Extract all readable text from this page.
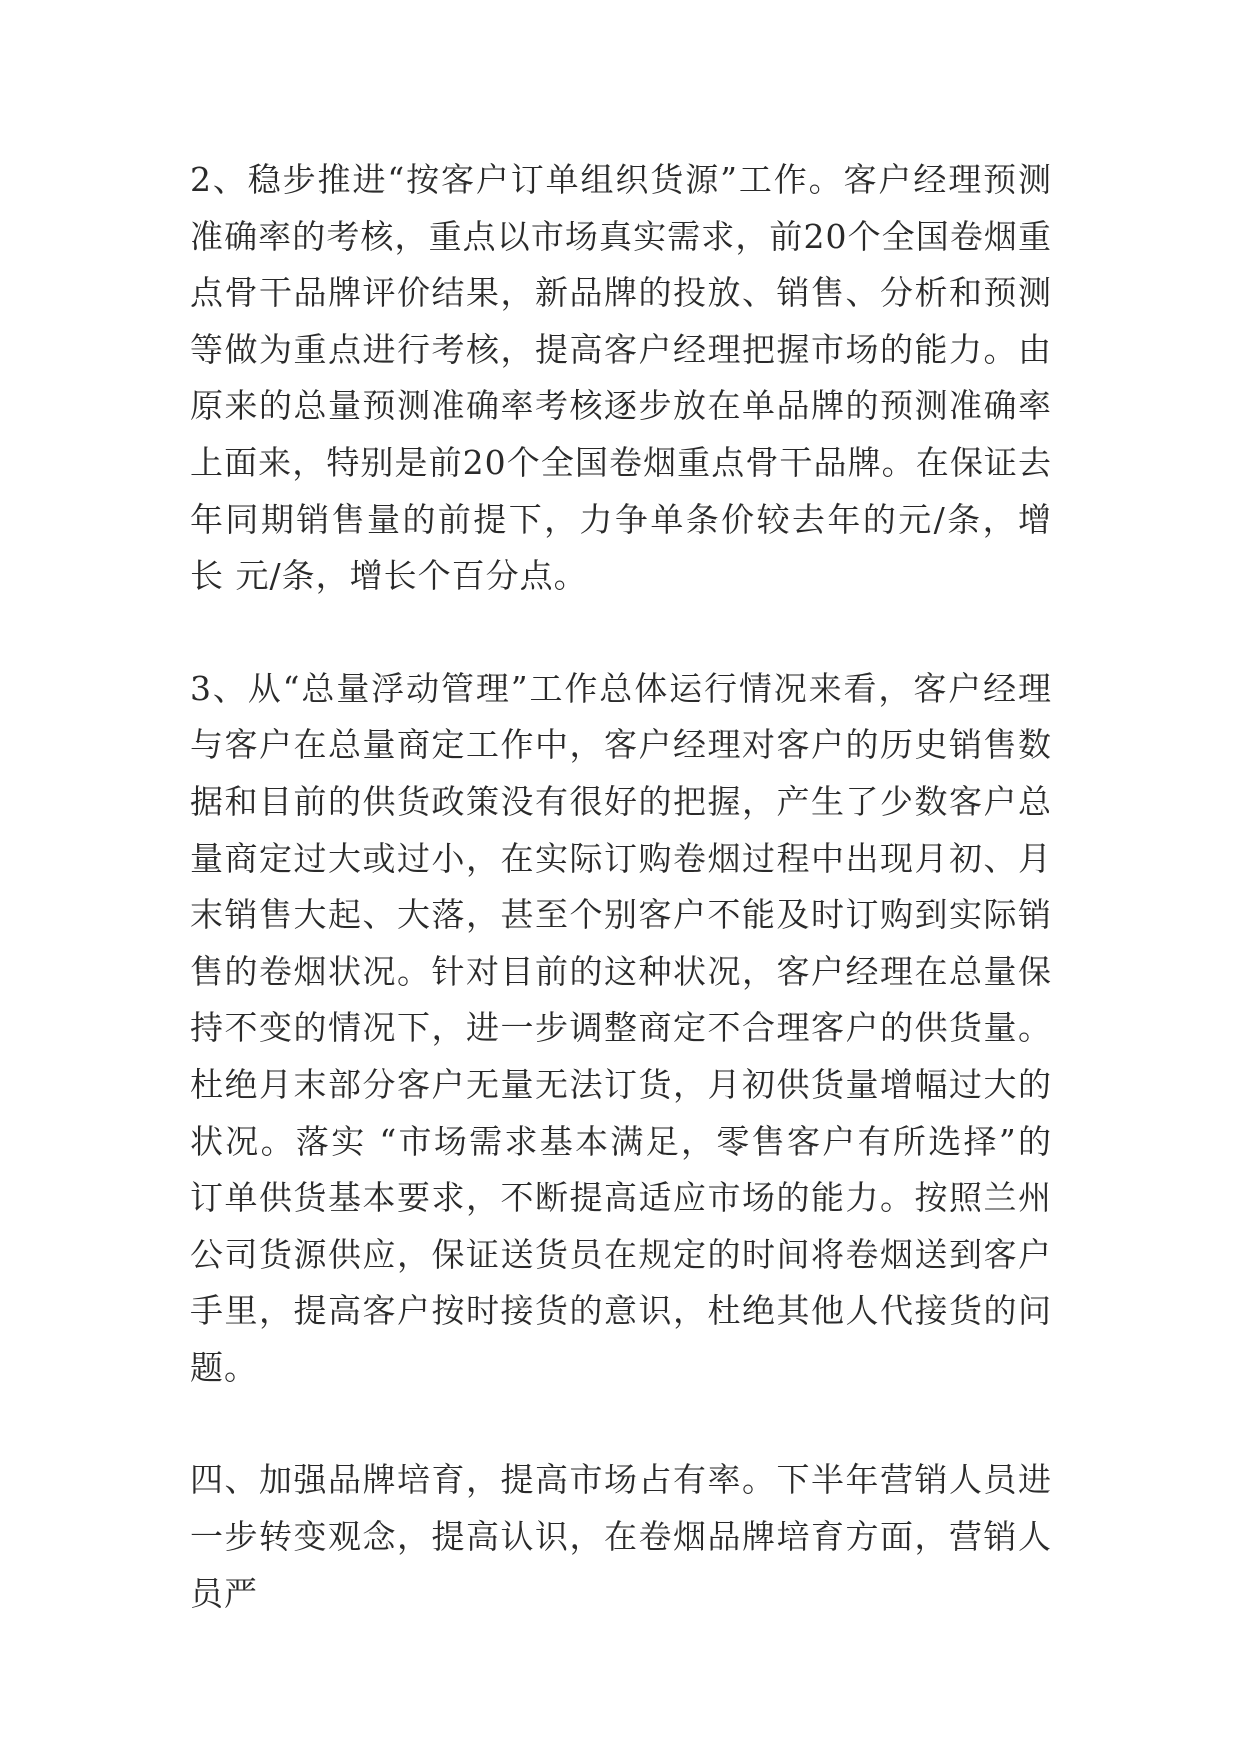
2、稳步推进“按客户订单组织货源”工作。客户经理预测准确率的考核，重点以市场真实需求，前20个全国卷烟重点骨干品牌评价结果，新品牌的投放、销售、分析和预测等做为重点进行考核，提高客户经理把握市场的能力。由原来的总量预测准确率考核逐步放在单品牌的预测准确率上面来，特别是前20个全国卷烟重点骨干品牌。在保证去年同期销售量的前提下，力争单条价较去年的元/条，增长 元/条，增长个百分点。

3、从“总量浮动管理”工作总体运行情况来看，客户经理与客户在总量商定工作中，客户经理对客户的历史销售数据和目前的供货政策没有很好的把握，产生了少数客户总量商定过大或过小，在实际订购卷烟过程中出现月初、月末销售大起、大落，甚至个别客户不能及时订购到实际销售的卷烟状况。针对目前的这种状况，客户经理在总量保持不变的情况下，进一步调整商定不合理客户的供货量。杜绝月末部分客户无量无法订货，月初供货量增幅过大的状况。落实 “市场需求基本满足，零售客户有所选择”的订单供货基本要求，不断提高适应市场的能力。按照兰州公司货源供应，保证送货员在规定的时间将卷烟送到客户手里，提高客户按时接货的意识，杜绝其他人代接货的问题。

四、加强品牌培育，提高市场占有率。下半年营销人员进一步转变观念，提高认识，在卷烟品牌培育方面，营销人员严
